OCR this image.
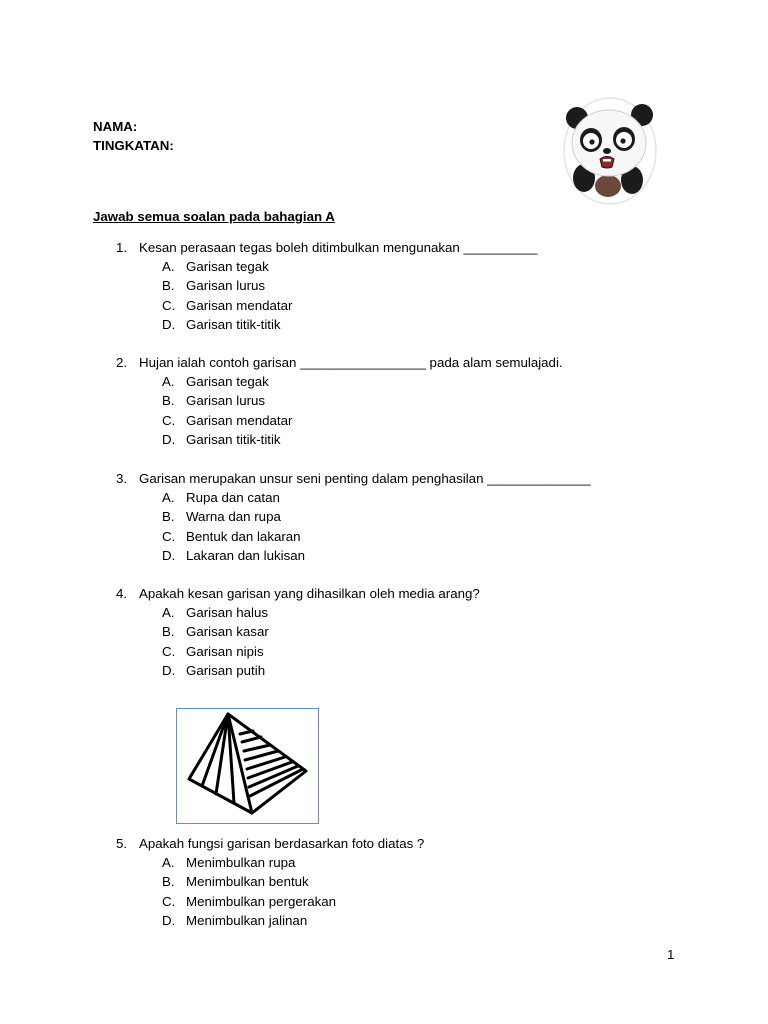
NAMA:
TINGKATAN:
Jawab semua soalan pada bahagian A
1. Kesan perasaan tegas boleh ditimbulkan mengunakan __________
A. Garisan tegak
B. Garisan lurus
C. Garisan mendatar
D. Garisan titik-titik
2. Hujan ialah contoh garisan _________________ pada alam semulajadi.
A. Garisan tegak
B. Garisan lurus
C. Garisan mendatar
D. Garisan titik-titik
3. Garisan merupakan unsur seni penting dalam penghasilan ______________
A. Rupa dan catan
B. Warna dan rupa
C. Bentuk dan lakaran
D. Lakaran dan lukisan
4. Apakah kesan garisan yang dihasilkan oleh media arang?
A. Garisan halus
B. Garisan kasar
C. Garisan nipis
D. Garisan putih
5. Apakah fungsi garisan berdasarkan foto diatas ?
A. Menimbulkan rupa
B. Menimbulkan bentuk
C. Menimbulkan pergerakan
D. Menimbulkan jalinan
1
